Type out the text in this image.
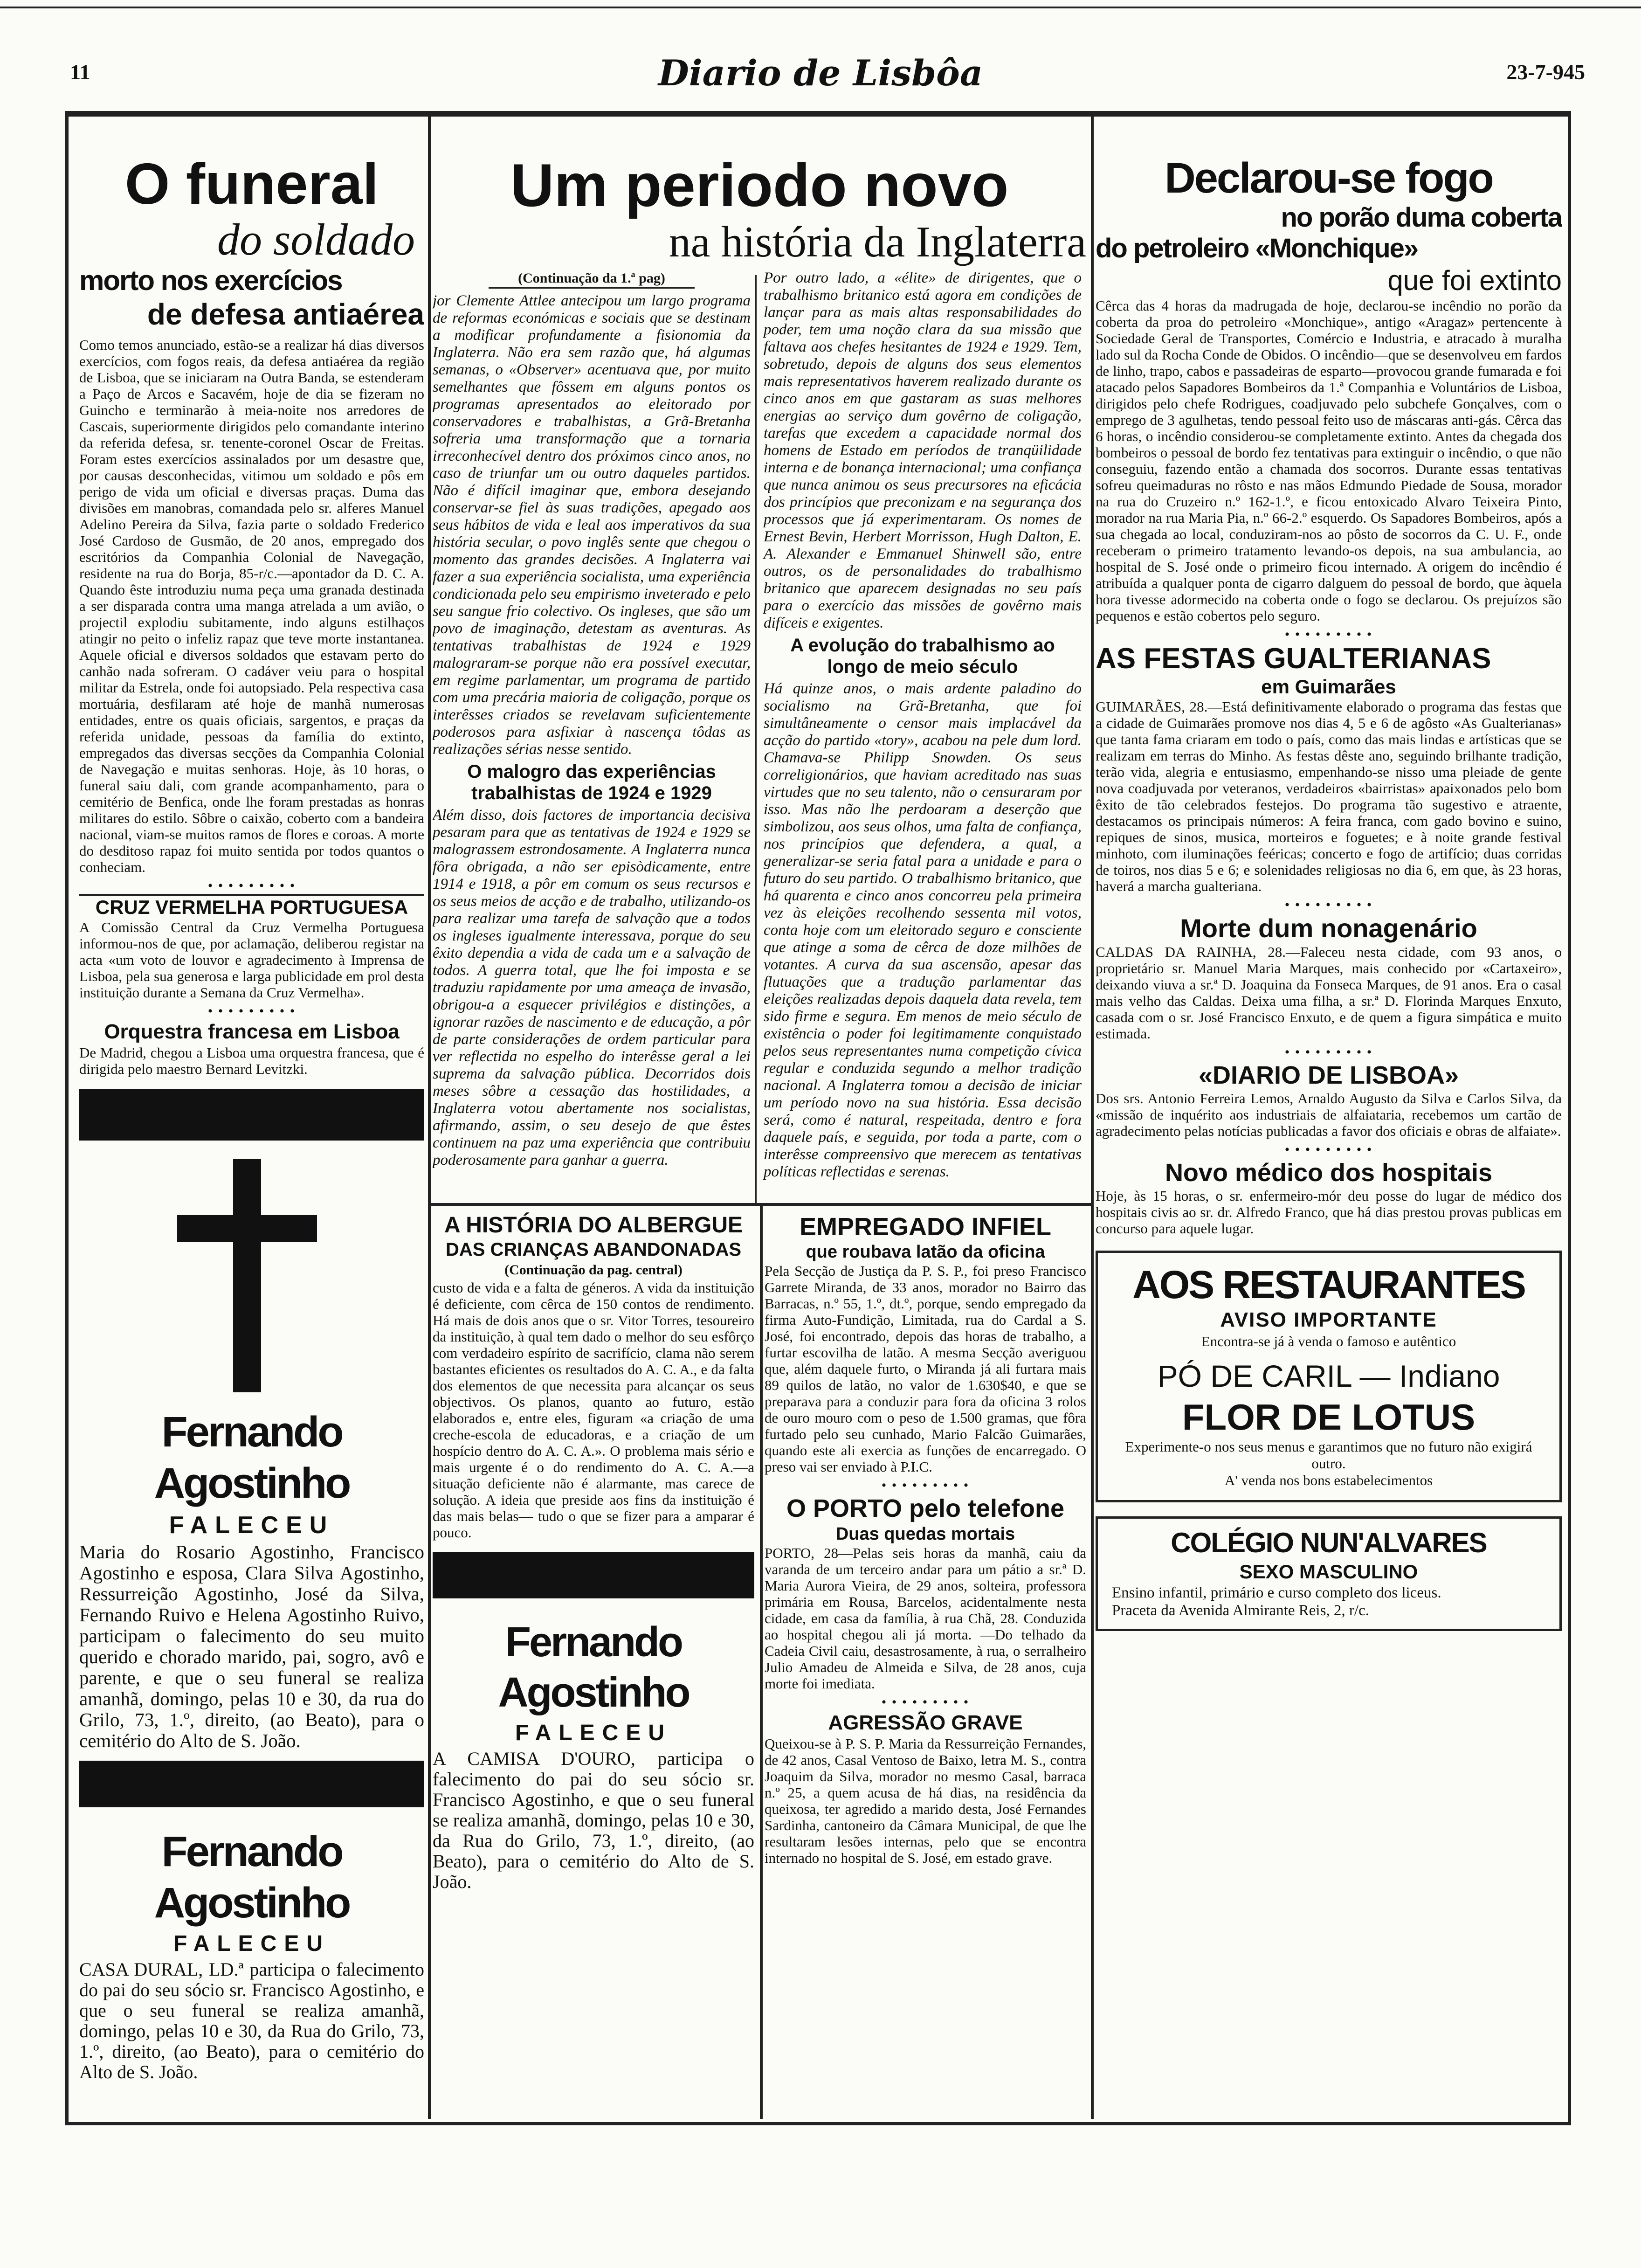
11	Diario de Lisbôa	23-7-945
O funeral
do soldado
morto nos exercícios
de defesa antiaérea

Como temos anunciado, estão-se a realizar há dias diversos exercícios, com fogos reais, da defesa antiaérea da região de Lisboa, que se iniciaram na Outra Banda, se estenderam a Paço de Arcos e Sacavém, hoje de dia se fizeram no Guincho e terminarão à meia-noite nos arredores de Cascais, superiormente dirigidos pelo comandante interino da referida defesa, sr. tenente-coronel Oscar de Freitas. Foram estes exercícios assinalados por um desastre que, por causas desconhecidas, vitimou um soldado e pôs em perigo de vida um oficial e diversas praças. Duma das divisões em manobras, comandada pelo sr. alferes Manuel Adelino Pereira da Silva, fazia parte o soldado Frederico José Cardoso de Gusmão, de 20 anos, empregado dos escritórios da Companhia Colonial de Navegação, residente na rua do Borja, 85-r/c.—apontador da D. C. A. Quando êste introduziu numa peça uma granada destinada a ser disparada contra uma manga atrelada a um avião, o projectil explodiu subitamente, indo alguns estilhaços atingir no peito o infeliz rapaz que teve morte instantanea. Aquele oficial e diversos soldados que estavam perto do canhão nada sofreram. O cadáver veiu para o hospital militar da Estrela, onde foi autopsiado. Pela respectiva casa mortuária, desfilaram até hoje de manhã numerosas entidades, entre os quais oficiais, sargentos, e praças da referida unidade, pessoas da família do extinto, empregados das diversas secções da Companhia Colonial de Navegação e muitas senhoras. Hoje, às 10 horas, o funeral saiu dali, com grande acompanhamento, para o cemitério de Benfica, onde lhe foram prestadas as honras militares do estilo. Sôbre o caixão, coberto com a bandeira nacional, viam-se muitos ramos de flores e coroas. A morte do desditoso rapaz foi muito sentida por todos quantos o conheciam.

• • • • • • • • •
CRUZ VERMELHA PORTUGUESA

A Comissão Central da Cruz Vermelha Portuguesa informou-nos de que, por aclamação, deliberou registar na acta «um voto de louvor e agradecimento à Imprensa de Lisboa, pela sua generosa e larga publicidade em prol desta instituição durante a Semana da Cruz Vermelha».

• • • • • • • • •
Orquestra francesa em Lisboa

De Madrid, chegou a Lisboa uma orquestra francesa, que é dirigida pelo maestro Bernard Levitzki.

Fernando Agostinho
FALECEU

Maria do Rosario Agostinho, Francisco Agostinho e esposa, Clara Silva Agostinho, Ressurreição Agostinho, José da Silva, Fernando Ruivo e Helena Agostinho Ruivo, participam o falecimento do seu muito querido e chorado marido, pai, sogro, avô e parente, e que o seu funeral se realiza amanhã, domingo, pelas 10 e 30, da rua do Grilo, 73, 1.º, direito, (ao Beato), para o cemitério do Alto de S. João.

Fernando Agostinho
FALECEU

CASA DURAL, LD.ª participa o falecimento do pai do seu sócio sr. Francisco Agostinho, e que o seu funeral se realiza amanhã, domingo, pelas 10 e 30, da Rua do Grilo, 73, 1.º, direito, (ao Beato), para o cemitério do Alto de S. João.

Um periodo novo
na história da Inglaterra
(Continuação da 1.ª pag)

jor Clemente Attlee antecipou um largo programa de reformas económicas e sociais que se destinam a modificar profundamente a fisionomia da Inglaterra. Não era sem razão que, há algumas semanas, o «Observer» acentuava que, por muito semelhantes que fôssem em alguns pontos os programas apresentados ao eleitorado por conservadores e trabalhistas, a Grã-Bretanha sofreria uma transformação que a tornaria irreconhecível dentro dos próximos cinco anos, no caso de triunfar um ou outro daqueles partidos. Não é difícil imaginar que, embora desejando conservar-se fiel às suas tradições, apegado aos seus hábitos de vida e leal aos imperativos da sua história secular, o povo inglês sente que chegou o momento das grandes decisões. A Inglaterra vai fazer a sua experiência socialista, uma experiência condicionada pelo seu empirismo inveterado e pelo seu sangue frio colectivo. Os ingleses, que são um povo de imaginação, detestam as aventuras. As tentativas trabalhistas de 1924 e 1929 malograram-se porque não era possível executar, em regime parlamentar, um programa de partido com uma precária maioria de coligação, porque os interêsses criados se revelavam suficientemente poderosos para asfixiar à nascença tôdas as realizações sérias nesse sentido.

O malogro das experiências trabalhistas de 1924 e 1929

Além disso, dois factores de importancia decisiva pesaram para que as tentativas de 1924 e 1929 se malograssem estrondosamente. A Inglaterra nunca fôra obrigada, a não ser episòdicamente, entre 1914 e 1918, a pôr em comum os seus recursos e os seus meios de acção e de trabalho, utilizando-os para realizar uma tarefa de salvação que a todos os ingleses igualmente interessava, porque do seu êxito dependia a vida de cada um e a salvação de todos. A guerra total, que lhe foi imposta e se traduziu rapidamente por uma ameaça de invasão, obrigou-a a esquecer privilégios e distinções, a ignorar razões de nascimento e de educação, a pôr de parte considerações de ordem particular para ver reflectida no espelho do interêsse geral a lei suprema da salvação pública. Decorridos dois meses sôbre a cessação das hostilidades, a Inglaterra votou abertamente nos socialistas, afirmando, assim, o seu desejo de que êstes continuem na paz uma experiência que contribuiu poderosamente para ganhar a guerra.

Por outro lado, a «élite» de dirigentes, que o trabalhismo britanico está agora em condições de lançar para as mais altas responsabilidades do poder, tem uma noção clara da sua missão que faltava aos chefes hesitantes de 1924 e 1929. Tem, sobretudo, depois de alguns dos seus elementos mais representativos haverem realizado durante os cinco anos em que gastaram as suas melhores energias ao serviço dum govêrno de coligação, tarefas que excedem a capacidade normal dos homens de Estado em períodos de tranqüilidade interna e de bonança internacional; uma confiança que nunca animou os seus precursores na eficácia dos princípios que preconizam e na segurança dos processos que já experimentaram. Os nomes de Ernest Bevin, Herbert Morrisson, Hugh Dalton, E. A. Alexander e Emmanuel Shinwell são, entre outros, os de personalidades do trabalhismo britanico que aparecem designadas no seu país para o exercício das missões de govêrno mais difíceis e exigentes.

A evolução do trabalhismo ao longo de meio século

Há quinze anos, o mais ardente paladino do socialismo na Grã-Bretanha, que foi simultâneamente o censor mais implacável da acção do partido «tory», acabou na pele dum lord. Chamava-se Philipp Snowden. Os seus correligionários, que haviam acreditado nas suas virtudes que no seu talento, não o censuraram por isso. Mas não lhe perdoaram a deserção que simbolizou, aos seus olhos, uma falta de confiança, nos princípios que defendera, a qual, a generalizar-se seria fatal para a unidade e para o futuro do seu partido. O trabalhismo britanico, que há quarenta e cinco anos concorreu pela primeira vez às eleições recolhendo sessenta mil votos, conta hoje com um eleitorado seguro e consciente que atinge a soma de cêrca de doze milhões de votantes. A curva da sua ascensão, apesar das flutuações que a tradução parlamentar das eleições realizadas depois daquela data revela, tem sido firme e segura. Em menos de meio século de existência o poder foi legitimamente conquistado pelos seus representantes numa competição cívica regular e conduzida segundo a melhor tradição nacional. A Inglaterra tomou a decisão de iniciar um período novo na sua história. Essa decisão será, como é natural, respeitada, dentro e fora daquele país, e seguida, por toda a parte, com o interêsse compreensivo que merecem as tentativas políticas reflectidas e serenas.

A HISTÓRIA DO ALBERGUE
DAS CRIANÇAS ABANDONADAS
(Continuação da pag. central)

custo de vida e a falta de géneros. A vida da instituição é deficiente, com cêrca de 150 contos de rendimento. Há mais de dois anos que o sr. Vitor Torres, tesoureiro da instituição, à qual tem dado o melhor do seu esfôrço com verdadeiro espírito de sacrifício, clama não serem bastantes eficientes os resultados do A. C. A., e da falta dos elementos de que necessita para alcançar os seus objectivos. Os planos, quanto ao futuro, estão elaborados e, entre eles, figuram «a criação de uma creche-escola de educadoras, e a criação de um hospício dentro do A. C. A.». O problema mais sério e mais urgente é o do rendimento do A. C. A.—a situação deficiente não é alarmante, mas carece de solução. A ideia que preside aos fins da instituição é das mais belas— tudo o que se fizer para a amparar é pouco.

Fernando Agostinho
FALECEU

A CAMISA D'OURO, participa o falecimento do pai do seu sócio sr. Francisco Agostinho, e que o seu funeral se realiza amanhã, domingo, pelas 10 e 30, da Rua do Grilo, 73, 1.º, direito, (ao Beato), para o cemitério do Alto de S. João.

EMPREGADO INFIEL
que roubava latão da oficina

Pela Secção de Justiça da P. S. P., foi preso Francisco Garrete Miranda, de 33 anos, morador no Bairro das Barracas, n.º 55, 1.º, dt.º, porque, sendo empregado da firma Auto-Fundição, Limitada, rua do Cardal a S. José, foi encontrado, depois das horas de trabalho, a furtar escovilha de latão. A mesma Secção averiguou que, além daquele furto, o Miranda já ali furtara mais 89 quilos de latão, no valor de 1.630$40, e que se preparava para a conduzir para fora da oficina 3 rolos de ouro mouro com o peso de 1.500 gramas, que fôra furtado pelo seu cunhado, Mario Falcão Guimarães, quando este ali exercia as funções de encarregado. O preso vai ser enviado à P.I.C.

• • • • • • • • •
O PORTO pelo telefone
Duas quedas mortais

PORTO, 28—Pelas seis horas da manhã, caiu da varanda de um terceiro andar para um pátio a sr.ª D. Maria Aurora Vieira, de 29 anos, solteira, professora primária em Rousa, Barcelos, acidentalmente nesta cidade, em casa da família, à rua Chã, 28. Conduzida ao hospital chegou ali já morta. —Do telhado da Cadeia Civil caiu, desastrosamente, à rua, o serralheiro Julio Amadeu de Almeida e Silva, de 28 anos, cuja morte foi imediata.

• • • • • • • • •
AGRESSÃO GRAVE

Queixou-se à P. S. P. Maria da Ressurreição Fernandes, de 42 anos, Casal Ventoso de Baixo, letra M. S., contra Joaquim da Silva, morador no mesmo Casal, barraca n.º 25, a quem acusa de há dias, na residência da queixosa, ter agredido a marido desta, José Fernandes Sardinha, cantoneiro da Câmara Municipal, de que lhe resultaram lesões internas, pelo que se encontra internado no hospital de S. José, em estado grave.

Declarou-se fogo
no porão duma coberta
do petroleiro «Monchique»
que foi extinto

Cêrca das 4 horas da madrugada de hoje, declarou-se incêndio no porão da coberta da proa do petroleiro «Monchique», antigo «Aragaz» pertencente à Sociedade Geral de Transportes, Comércio e Industria, e atracado à muralha lado sul da Rocha Conde de Obidos. O incêndio—que se desenvolveu em fardos de linho, trapo, cabos e passadeiras de esparto—provocou grande fumarada e foi atacado pelos Sapadores Bombeiros da 1.ª Companhia e Voluntários de Lisboa, dirigidos pelo chefe Rodrigues, coadjuvado pelo subchefe Gonçalves, com o emprego de 3 agulhetas, tendo pessoal feito uso de máscaras anti-gás. Cêrca das 6 horas, o incêndio considerou-se completamente extinto. Antes da chegada dos bombeiros o pessoal de bordo fez tentativas para extinguir o incêndio, o que não conseguiu, fazendo então a chamada dos socorros. Durante essas tentativas sofreu queimaduras no rôsto e nas mãos Edmundo Piedade de Sousa, morador na rua do Cruzeiro n.º 162-1.º, e ficou entoxicado Alvaro Teixeira Pinto, morador na rua Maria Pia, n.º 66-2.º esquerdo. Os Sapadores Bombeiros, após a sua chegada ao local, conduziram-nos ao pôsto de socorros da C. U. F., onde receberam o primeiro tratamento levando-os depois, na sua ambulancia, ao hospital de S. José onde o primeiro ficou internado. A origem do incêndio é atribuída a qualquer ponta de cigarro dalguem do pessoal de bordo, que àquela hora tivesse adormecido na coberta onde o fogo se declarou. Os prejuízos são pequenos e estão cobertos pelo seguro.

• • • • • • • • •
AS FESTAS GUALTERIANAS
em Guimarães

GUIMARÃES, 28.—Está definitivamente elaborado o programa das festas que a cidade de Guimarães promove nos dias 4, 5 e 6 de agôsto «As Gualterianas» que tanta fama criaram em todo o país, como das mais lindas e artísticas que se realizam em terras do Minho. As festas dêste ano, seguindo brilhante tradição, terão vida, alegria e entusiasmo, empenhando-se nisso uma pleiade de gente nova coadjuvada por veteranos, verdadeiros «bairristas» apaixonados pelo bom êxito de tão celebrados festejos. Do programa tão sugestivo e atraente, destacamos os principais números: A feira franca, com gado bovino e suino, repiques de sinos, musica, morteiros e foguetes; e à noite grande festival minhoto, com iluminações feéricas; concerto e fogo de artifício; duas corridas de toiros, nos dias 5 e 6; e solenidades religiosas no dia 6, em que, às 23 horas, haverá a marcha gualteriana.

• • • • • • • • •
Morte dum nonagenário

CALDAS DA RAINHA, 28.—Faleceu nesta cidade, com 93 anos, o proprietário sr. Manuel Maria Marques, mais conhecido por «Cartaxeiro», deixando viuva a sr.ª D. Joaquina da Fonseca Marques, de 91 anos. Era o casal mais velho das Caldas. Deixa uma filha, a sr.ª D. Florinda Marques Enxuto, casada com o sr. José Francisco Enxuto, e de quem a figura simpática e muito estimada.

• • • • • • • • •
«DIARIO DE LISBOA»

Dos srs. Antonio Ferreira Lemos, Arnaldo Augusto da Silva e Carlos Silva, da «missão de inquérito aos industriais de alfaiataria, recebemos um cartão de agradecimento pelas notícias publicadas a favor dos oficiais e obras de alfaiate».

• • • • • • • • •
Novo médico dos hospitais

Hoje, às 15 horas, o sr. enfermeiro-mór deu posse do lugar de médico dos hospitais civis ao sr. dr. Alfredo Franco, que há dias prestou provas publicas em concurso para aquele lugar.

AOS RESTAURANTES
AVISO IMPORTANTE
Encontra-se já à venda o famoso e autêntico
PÓ DE CARIL — Indiano
FLOR DE LOTUS
Experimente-o nos seus menus e garantimos que no futuro não exigirá outro.
A' venda nos bons estabelecimentos
COLÉGIO NUN'ALVARES
SEXO MASCULINO
Ensino infantil, primário e curso completo dos liceus.
Praceta da Avenida Almirante Reis, 2, r/c.
